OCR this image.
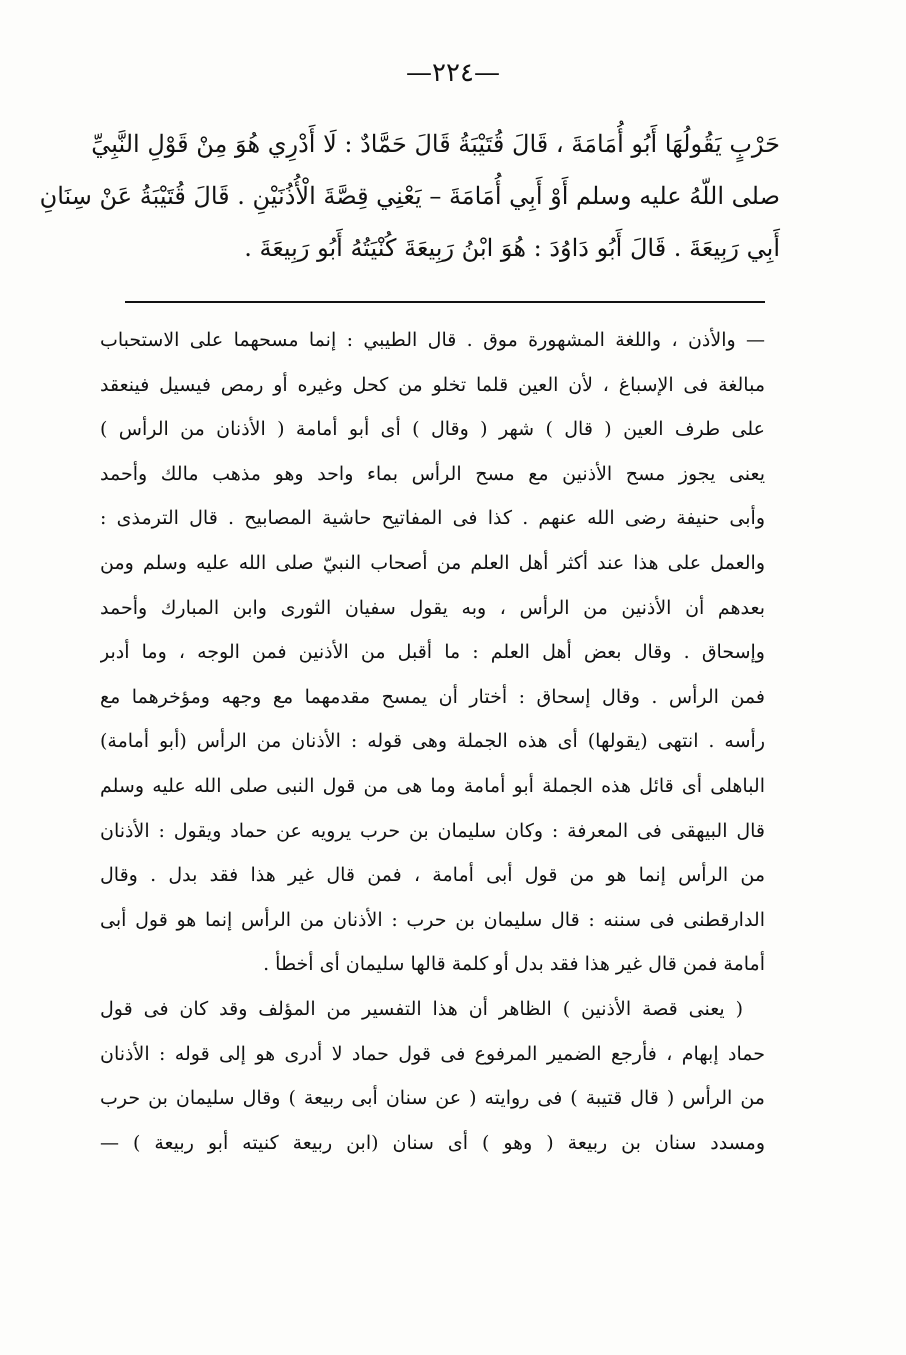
—٢٢٤—
حَرْبٍ يَقُولُهَا أَبُو أُمَامَةَ ، قَالَ قُتَيْبَةُ قَالَ حَمَّادٌ : لَا أَدْرِي هُوَ مِنْ قَوْلِ النَّبِيِّ
صلى اللّهُ عليه وسلم أَوْ أَبِي أُمَامَةَ – يَعْنِي قِصَّةَ الْأُذُنَيْنِ . قَالَ قُتَيْبَةُ عَنْ سِنَانِ
أَبِي رَبِيعَةَ . قَالَ أَبُو دَاوُدَ : هُوَ ابْنُ رَبِيعَةَ كُنْيَتُهُ أَبُو رَبِيعَةَ .
— والأذن ، واللغة المشهورة موق . قال الطيبي : إنما مسحهما على الاستحباب
مبالغة فى الإسباغ ، لأن العين قلما تخلو من كحل وغيره أو رمص فيسيل فينعقد
على طرف العين ( قال ) شهر ( وقال ) أى أبو أمامة ( الأذنان من الرأس )
يعنى يجوز مسح الأذنين مع مسح الرأس بماء واحد وهو مذهب مالك وأحمد
وأبى حنيفة رضى الله عنهم . كذا فى المفاتيح حاشية المصابيح . قال الترمذى :
والعمل على هذا عند أكثر أهل العلم من أصحاب النبيّ صلى الله عليه وسلم ومن
بعدهم أن الأذنين من الرأس ، وبه يقول سفيان الثورى وابن المبارك وأحمد
وإسحاق . وقال بعض أهل العلم : ما أقبل من الأذنين فمن الوجه ، وما أدبر
فمن الرأس . وقال إسحاق : أختار أن يمسح مقدمهما مع وجهه ومؤخرهما مع
رأسه . انتهى (يقولها) أى هذه الجملة وهى قوله : الأذنان من الرأس (أبو أمامة)
الباهلى أى قائل هذه الجملة أبو أمامة وما هى من قول النبى صلى الله عليه وسلم
قال البيهقى فى المعرفة : وكان سليمان بن حرب يرويه عن حماد ويقول : الأذنان
من الرأس إنما هو من قول أبى أمامة ، فمن قال غير هذا فقد بدل . وقال
الدارقطنى فى سننه : قال سليمان بن حرب : الأذنان من الرأس إنما هو قول أبى
أمامة فمن قال غير هذا فقد بدل أو كلمة قالها سليمان أى أخطأ .
( يعنى قصة الأذنين ) الظاهر أن هذا التفسير من المؤلف وقد كان فى قول
حماد إبهام ، فأرجع الضمير المرفوع فى قول حماد لا أدرى هو إلى قوله : الأذنان
من الرأس ( قال قتيبة ) فى روايته ( عن سنان أبى ربيعة ) وقال سليمان بن حرب
ومسدد سنان بن ربيعة ( وهو ) أى سنان (ابن ربيعة كنيته أبو ربيعة ) —
